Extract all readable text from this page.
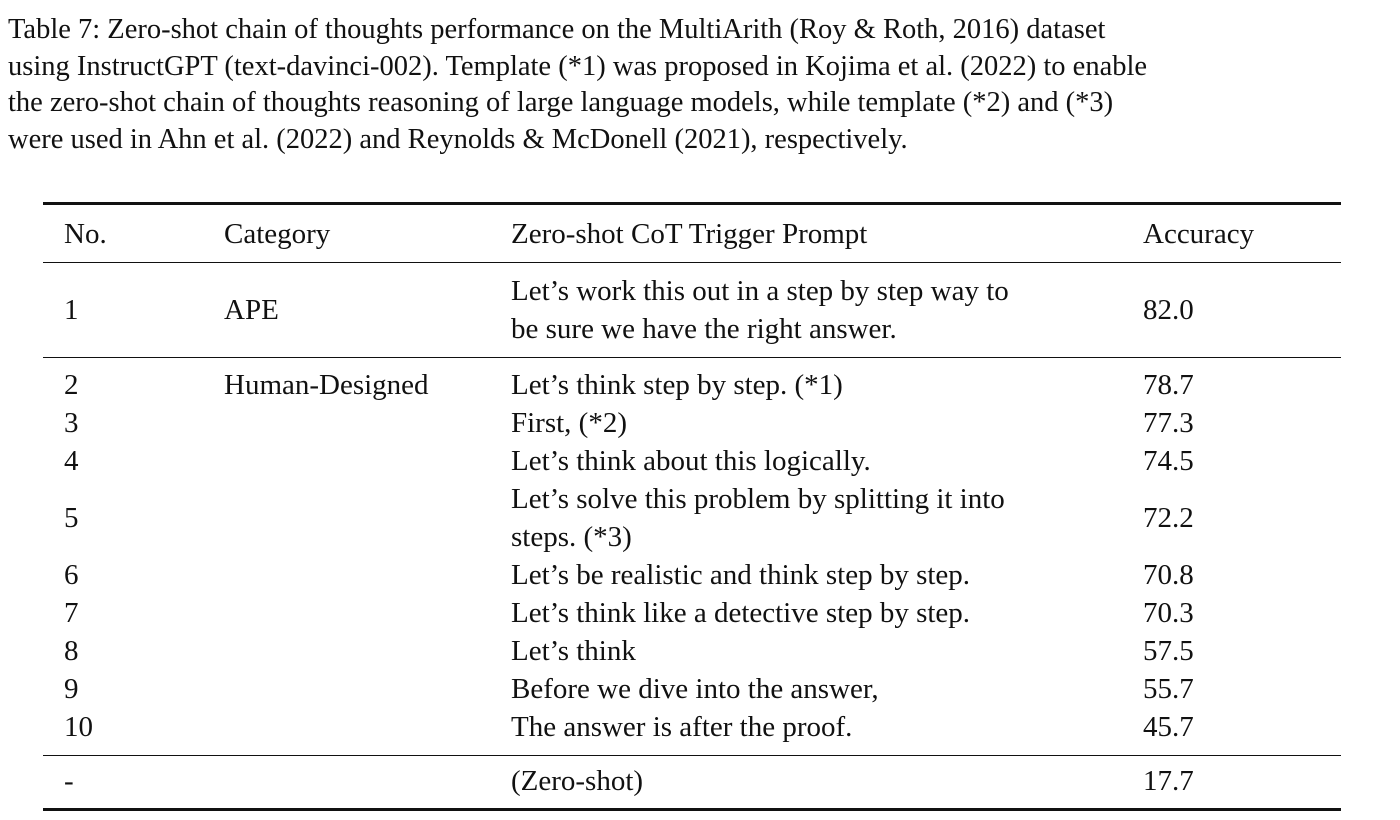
Table 7: Zero-shot chain of thoughts performance on the MultiArith (Roy & Roth, 2016) dataset
using InstructGPT (text-davinci-002). Template (*1) was proposed in Kojima et al. (2022) to enable
the zero-shot chain of thoughts reasoning of large language models, while template (*2) and (*3)
were used in Ahn et al. (2022) and Reynolds & McDonell (2021), respectively.

No.	Category	Zero-shot CoT Trigger Prompt	Accuracy
1	APE	Let’s work this out in a step by step way to
be sure we have the right answer.	82.0
2	Human-Designed	Let’s think step by step. (*1)	78.7
3		First, (*2)	77.3
4		Let’s think about this logically.	74.5
5		Let’s solve this problem by splitting it into
steps. (*3)	72.2
6		Let’s be realistic and think step by step.	70.8
7		Let’s think like a detective step by step.	70.3
8		Let’s think	57.5
9		Before we dive into the answer,	55.7
10		The answer is after the proof.	45.7
-		(Zero-shot)	17.7
